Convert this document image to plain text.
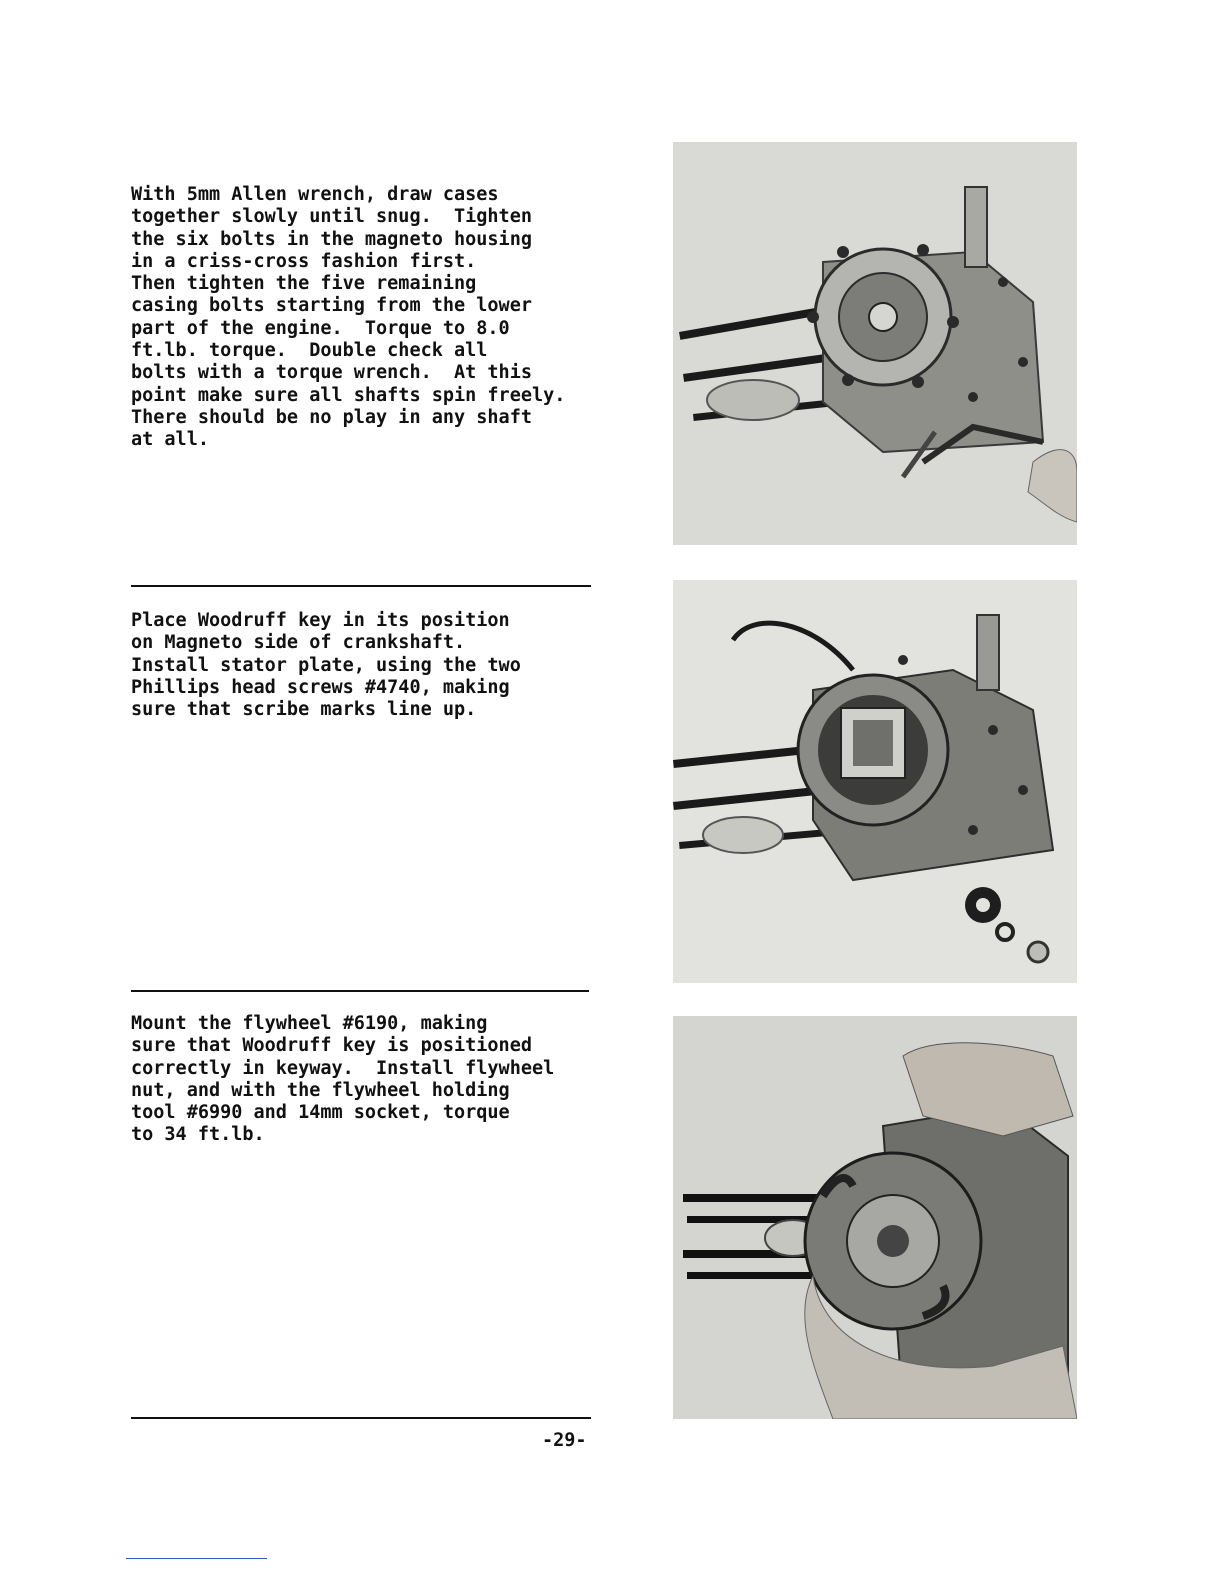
With 5mm Allen wrench, draw cases
together slowly until snug.  Tighten
the six bolts in the magneto housing
in a criss-cross fashion first.
Then tighten the five remaining
casing bolts starting from the lower
part of the engine.  Torque to 8.0
ft.lb. torque.  Double check all
bolts with a torque wrench.  At this
point make sure all shafts spin freely.
There should be no play in any shaft
at all.

Place Woodruff key in its position
on Magneto side of crankshaft.
Install stator plate, using the two
Phillips head screws #4740, making
sure that scribe marks line up.

Mount the flywheel #6190, making
sure that Woodruff key is positioned
correctly in keyway.  Install flywheel
nut, and with the flywheel holding
tool #6990 and 14mm socket, torque
to 34 ft.lb.

-29-
